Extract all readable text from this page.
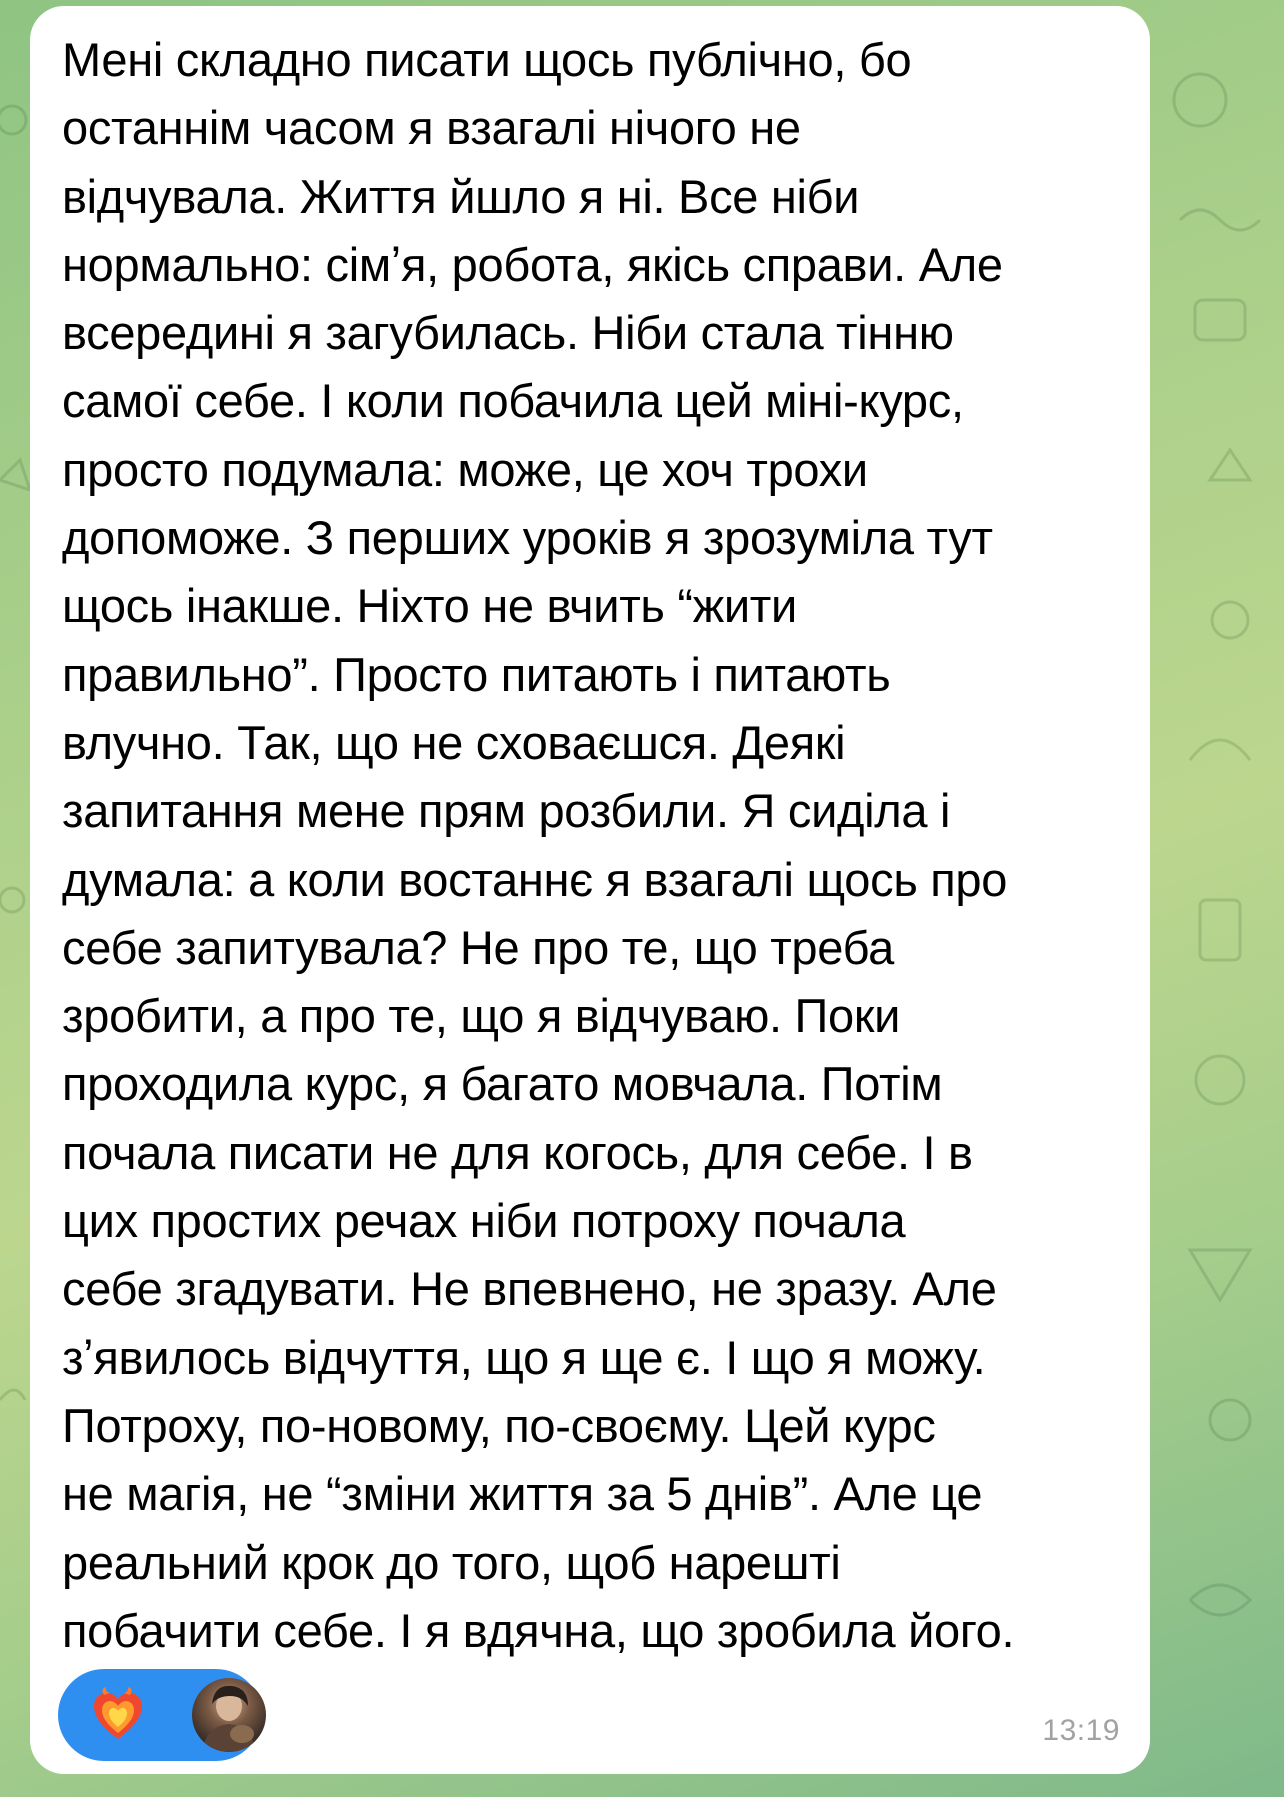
Мені складно писати щось публічно, бо
останнім часом я взагалі нічого не
відчувала. Життя йшло я ні. Все ніби
нормально: сімʼя, робота, якісь справи. Але
всередині я загубилась. Ніби стала тінню
самої себе. І коли побачила цей міні-курс,
просто подумала: може, це хоч трохи
допоможе. З перших уроків я зрозуміла тут
щось інакше. Ніхто не вчить “жити
правильно”. Просто питають і питають
влучно. Так, що не сховаєшся. Деякі
запитання мене прям розбили. Я сиділа і
думала: а коли востаннє я взагалі щось про
себе запитувала? Не про те, що треба
зробити, а про те, що я відчуваю. Поки
проходила курс, я багато мовчала. Потім
почала писати не для когось, для себе. І в
цих простих речах ніби потроху почала
себе згадувати. Не впевнено, не зразу. Але
зʼявилось відчуття, що я ще є. І що я можу.
Потроху, по-новому, по-своєму. Цей курс
не магія, не “зміни життя за 5 днів”. Але це
реальний крок до того, щоб нарешті
побачити себе. І я вдячна, що зробила його.

13:19
